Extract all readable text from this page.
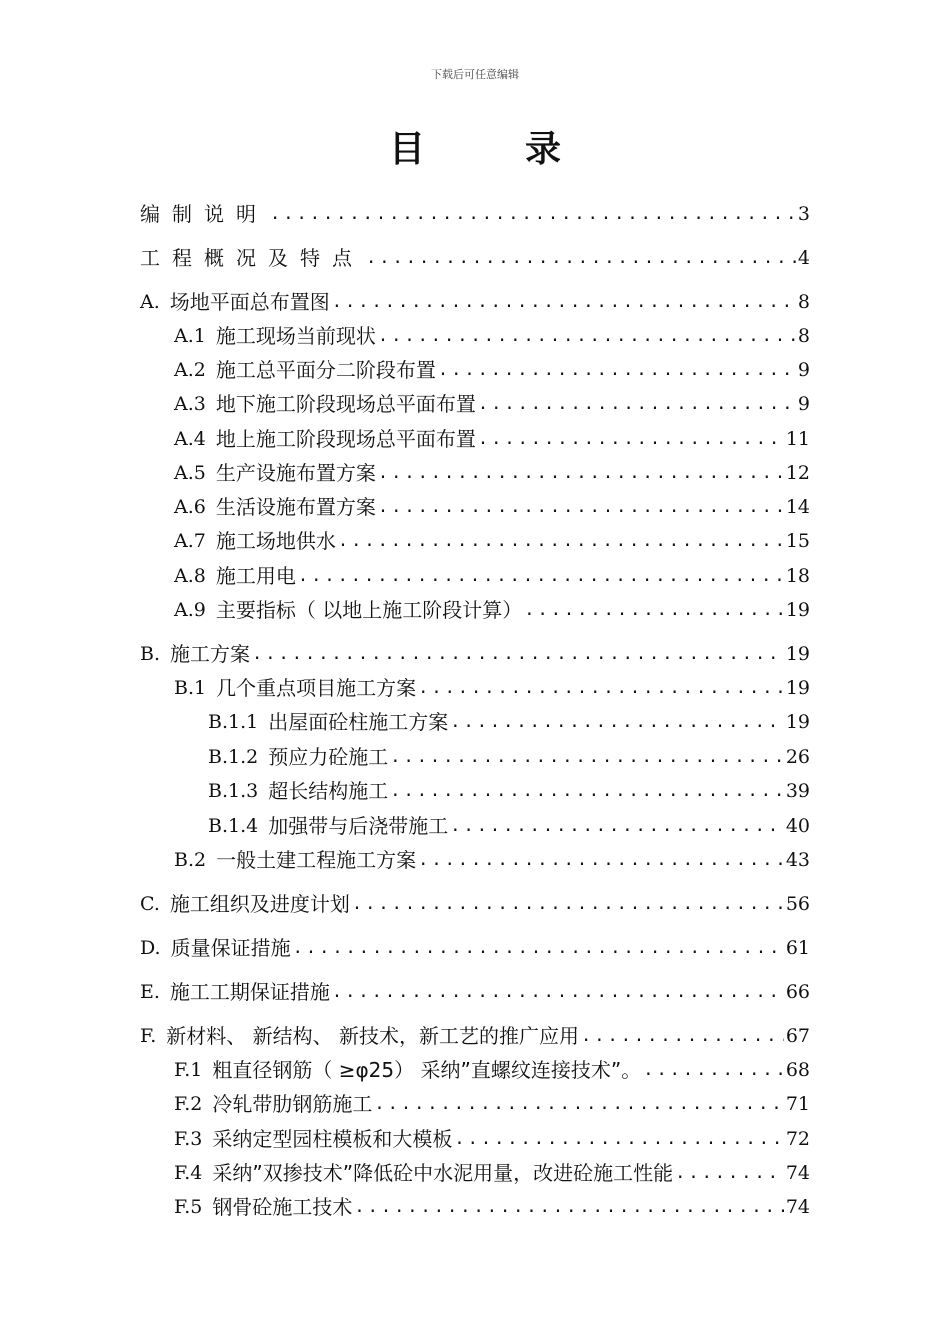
下载后可任意编辑
目录
编制说明 .....	3
工程概况及特点 .....	4
A. 场地平面总布置图 .....	8
A.1 施工现场当前现状 .....	8
A.2 施工总平面分二阶段布置 .....	9
A.3 地下施工阶段现场总平面布置 .....	9
A.4 地上施工阶段现场总平面布置 .....	11
A.5 生产设施布置方案 .....	12
A.6 生活设施布置方案 .....	14
A.7 施工场地供水 .....	15
A.8 施工用电 .....	18
A.9 主要指标（ 以地上施工阶段计算） .....	19
B. 施工方案 .....	19
B.1 几个重点项目施工方案 .....	19
B.1.1 出屋面砼柱施工方案 .....	19
B.1.2 预应力砼施工 .....	26
B.1.3 超长结构施工 .....	39
B.1.4 加强带与后浇带施工 .....	40
B.2 一般土建工程施工方案 .....	43
C. 施工组织及进度计划 .....	56
D. 质量保证措施 .....	61
E. 施工工期保证措施 .....	66
F. 新材料、 新结构、 新技术，新工艺的推广应用 .....	67
F.1 粗直径钢筋（ ≥φ25） 采纳”直螺纹连接技术”。 .....	68
F.2 冷轧带肋钢筋施工 .....	71
F.3 采纳定型园柱模板和大模板 .....	72
F.4 采纳”双掺技术”降低砼中水泥用量，改进砼施工性能 .....	74
F.5 钢骨砼施工技术 .....	74
